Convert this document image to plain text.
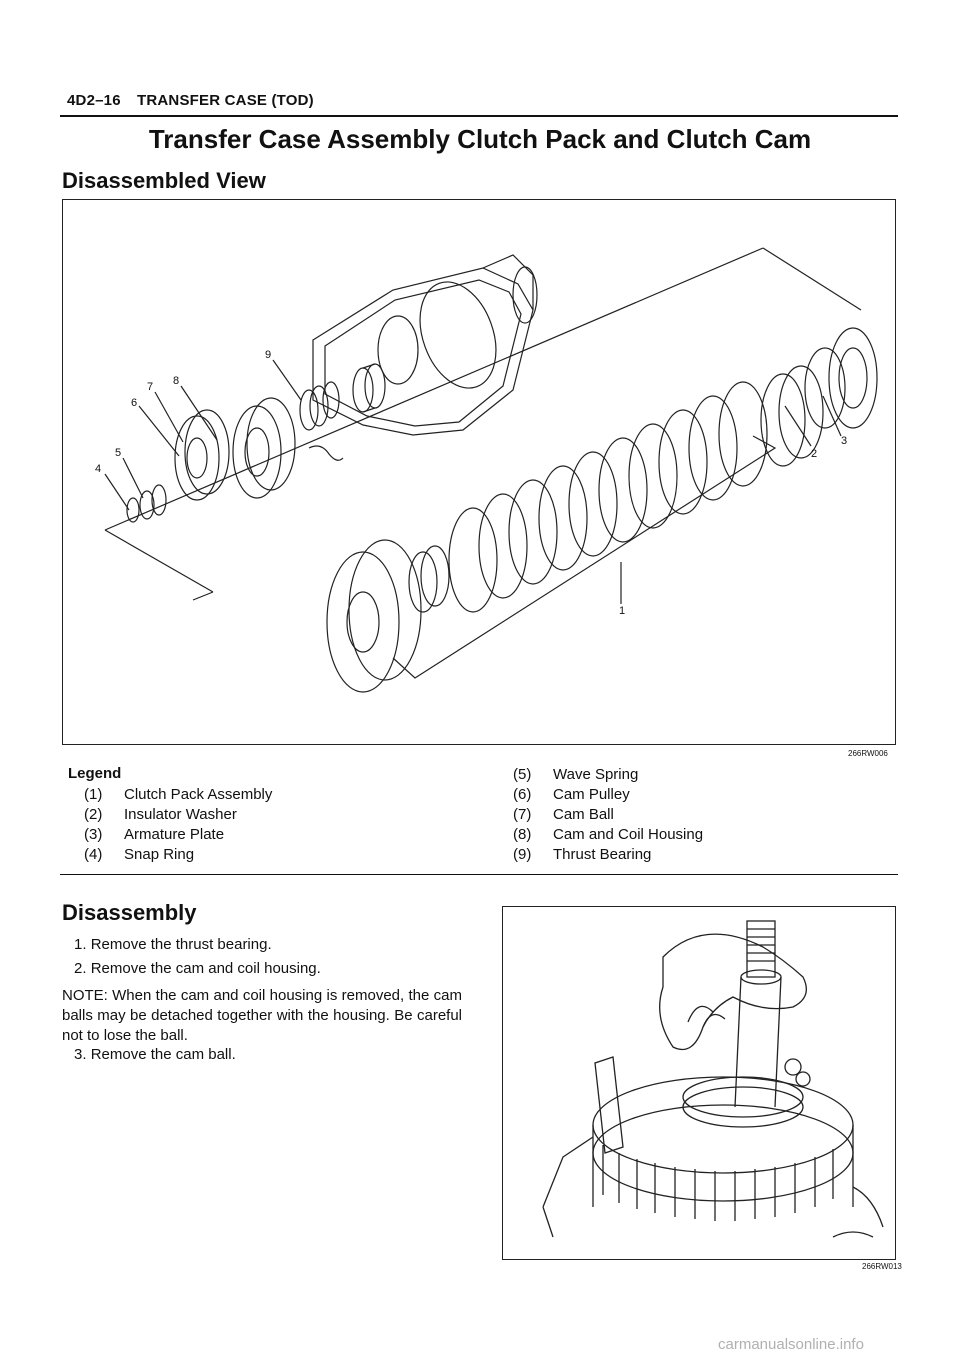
4D2–16 TRANSFER CASE (TOD)
Transfer Case Assembly Clutch Pack and Clutch Cam
Disassembled View
1
2
3
4
5
6
7 8
9
266RW006
Legend
(1) Clutch Pack Assembly
(2) Insulator Washer
(3) Armature Plate
(4) Snap Ring
(5) Wave Spring
(6) Cam Pulley
(7) Cam Ball
(8) Cam and Coil Housing
(9) Thrust Bearing
Disassembly
1. Remove the thrust bearing.
2. Remove the cam and coil housing.
NOTE: When the cam and coil housing is removed, the cam balls may be detached together with the housing. Be careful not to lose the ball.
3. Remove the cam ball.
266RW013
carmanualsonline.info
